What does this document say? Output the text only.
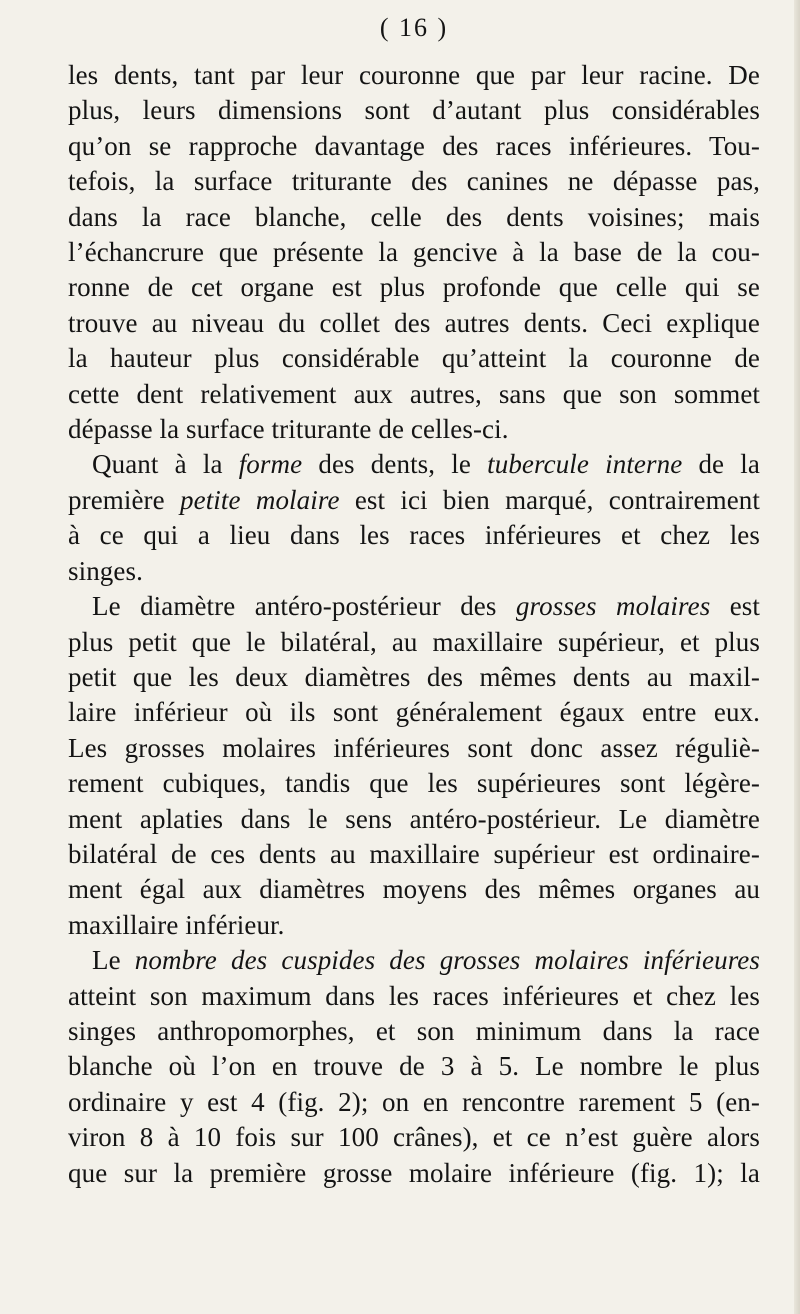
( 16 )
les dents, tant par leur couronne que par leur racine. De
plus, leurs dimensions sont d’autant plus considérables
qu’on se rapproche davantage des races inférieures. Tou-
tefois, la surface triturante des canines ne dépasse pas,
dans la race blanche, celle des dents voisines; mais
l’échancrure que présente la gencive à la base de la cou-
ronne de cet organe est plus profonde que celle qui se
trouve au niveau du collet des autres dents. Ceci explique
la hauteur plus considérable qu’atteint la couronne de
cette dent relativement aux autres, sans que son sommet
dépasse la surface triturante de celles-ci.
Quant à la forme des dents, le tubercule interne de la
première petite molaire est ici bien marqué, contrairement
à ce qui a lieu dans les races inférieures et chez les
singes.
Le diamètre antéro-postérieur des grosses molaires est
plus petit que le bilatéral, au maxillaire supérieur, et plus
petit que les deux diamètres des mêmes dents au maxil-
laire inférieur où ils sont généralement égaux entre eux.
Les grosses molaires inférieures sont donc assez réguliè-
rement cubiques, tandis que les supérieures sont légère-
ment aplaties dans le sens antéro-postérieur. Le diamètre
bilatéral de ces dents au maxillaire supérieur est ordinaire-
ment égal aux diamètres moyens des mêmes organes au
maxillaire inférieur.
Le nombre des cuspides des grosses molaires inférieures
atteint son maximum dans les races inférieures et chez les
singes anthropomorphes, et son minimum dans la race
blanche où l’on en trouve de 3 à 5. Le nombre le plus
ordinaire y est 4 (fig. 2); on en rencontre rarement 5 (en-
viron 8 à 10 fois sur 100 crânes), et ce n’est guère alors
que sur la première grosse molaire inférieure (fig. 1); la
